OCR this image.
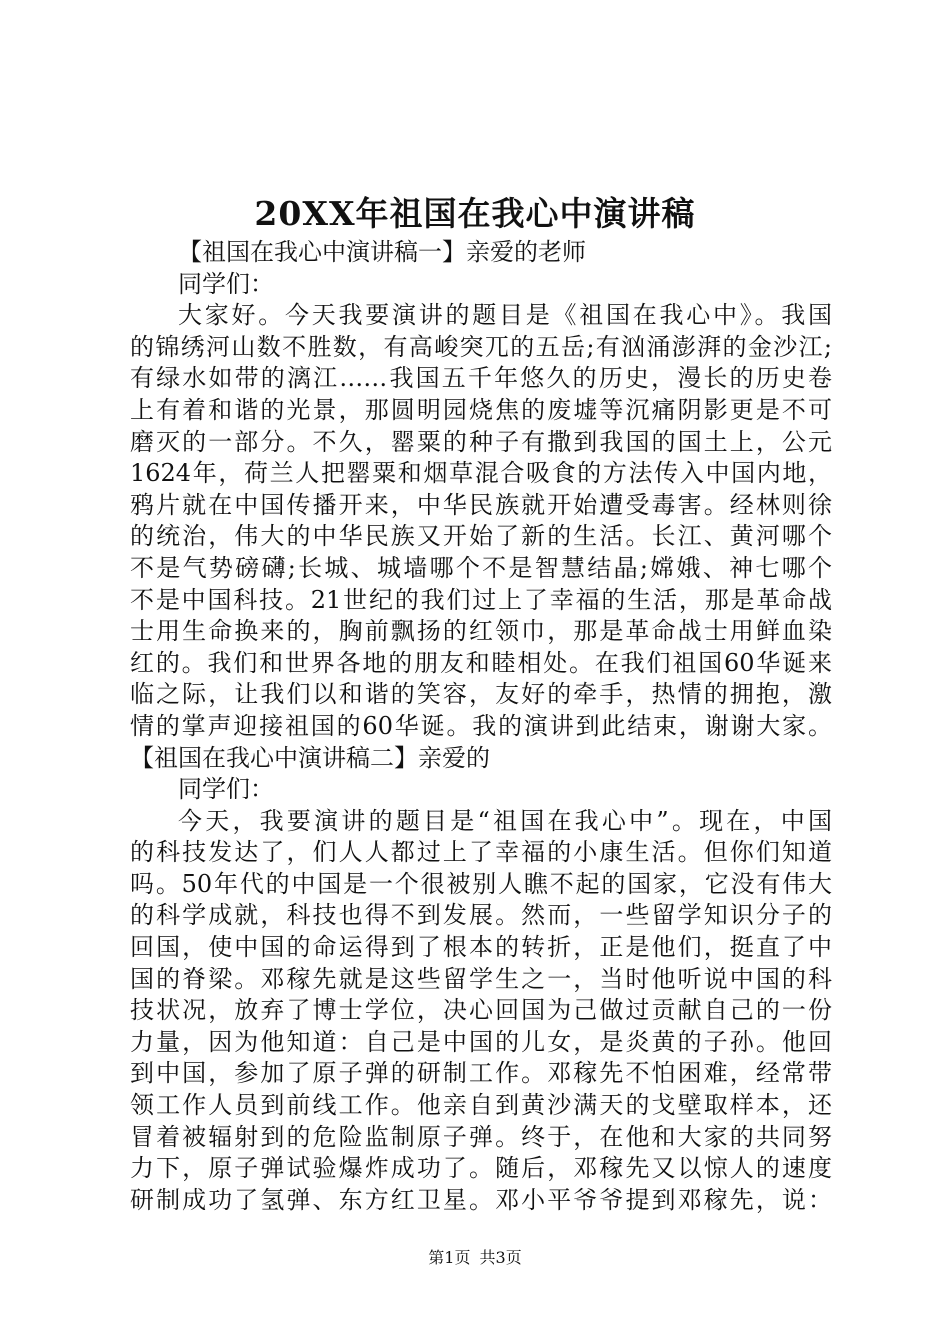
20XX年祖国在我心中演讲稿
【祖国在我心中演讲稿一】亲爱的老师
同学们：
大家好。今天我要演讲的题目是《祖国在我心中》。我国
的锦绣河山数不胜数，有高峻突兀的五岳;有汹涌澎湃的金沙江;
有绿水如带的漓江……我国五千年悠久的历史，漫长的历史卷
上有着和谐的光景，那圆明园烧焦的废墟等沉痛阴影更是不可
磨灭的一部分。不久，罂粟的种子有撒到我国的国土上，公元
1624年，荷兰人把罂粟和烟草混合吸食的方法传入中国内地，
鸦片就在中国传播开来，中华民族就开始遭受毒害。经林则徐
的统治，伟大的中华民族又开始了新的生活。长江、黄河哪个
不是气势磅礴;长城、城墙哪个不是智慧结晶;嫦娥、神七哪个
不是中国科技。21世纪的我们过上了幸福的生活，那是革命战
士用生命换来的，胸前飘扬的红领巾，那是革命战士用鲜血染
红的。我们和世界各地的朋友和睦相处。在我们祖国60华诞来
临之际，让我们以和谐的笑容，友好的牵手，热情的拥抱，激
情的掌声迎接祖国的60华诞。我的演讲到此结束，谢谢大家。
【祖国在我心中演讲稿二】亲爱的
同学们：
今天，我要演讲的题目是“祖国在我心中”。现在，中国
的科技发达了，们人人都过上了幸福的小康生活。但你们知道
吗。50年代的中国是一个很被别人瞧不起的国家，它没有伟大
的科学成就，科技也得不到发展。然而，一些留学知识分子的
回国，使中国的命运得到了根本的转折，正是他们，挺直了中
国的脊梁。邓稼先就是这些留学生之一，当时他听说中国的科
技状况，放弃了博士学位，决心回国为己做过贡献自己的一份
力量，因为他知道：自己是中国的儿女，是炎黄的子孙。他回
到中国，参加了原子弹的研制工作。邓稼先不怕困难，经常带
领工作人员到前线工作。他亲自到黄沙满天的戈壁取样本，还
冒着被辐射到的危险监制原子弹。终于，在他和大家的共同努
力下，原子弹试验爆炸成功了。随后，邓稼先又以惊人的速度
研制成功了氢弹、东方红卫星。邓小平爷爷提到邓稼先，说：
第1页 共3页
